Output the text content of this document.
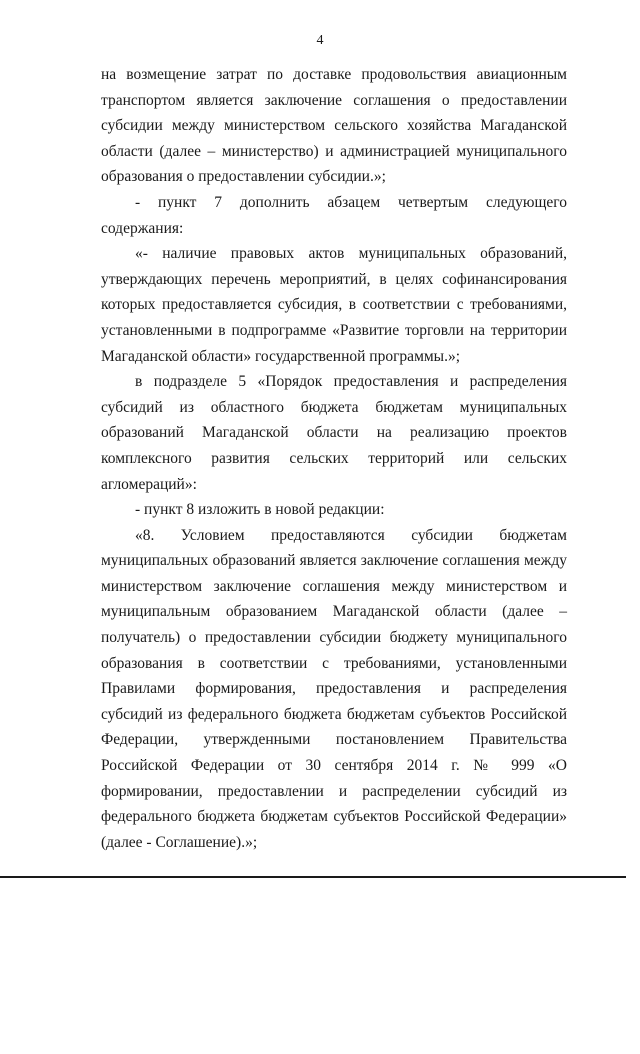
4

на возмещение затрат по доставке продовольствия авиационным транспортом является заключение соглашения о предоставлении субсидии между министерством сельского хозяйства Магаданской области (далее – министерство) и администрацией муниципального образования о предоставлении субсидии.»;

- пункт 7 дополнить абзацем четвертым следующего содержания:

«- наличие правовых актов муниципальных образований, утверждающих перечень мероприятий, в целях софинансирования которых предоставляется субсидия, в соответствии с требованиями, установленными в подпрограмме «Развитие торговли на территории Магаданской области» государственной программы.»;

в подразделе 5 «Порядок предоставления и распределения субсидий из областного бюджета бюджетам муниципальных образований Магаданской области на реализацию проектов комплексного развития сельских территорий или сельских агломераций»:

- пункт 8 изложить в новой редакции:

«8. Условием предоставляются субсидии бюджетам муниципальных образований является заключение соглашения между министерством заключение соглашения между министерством и муниципальным образованием Магаданской области (далее – получатель) о предоставлении субсидии бюджету муниципального образования в соответствии с требованиями, установленными Правилами формирования, предоставления и распределения субсидий из федерального бюджета бюджетам субъектов Российской Федерации, утвержденными постановлением Правительства Российской Федерации от 30 сентября 2014 г. № 999 «О формировании, предоставлении и распределении субсидий из федерального бюджета бюджетам субъектов Российской Федерации» (далее - Соглашение).»;
